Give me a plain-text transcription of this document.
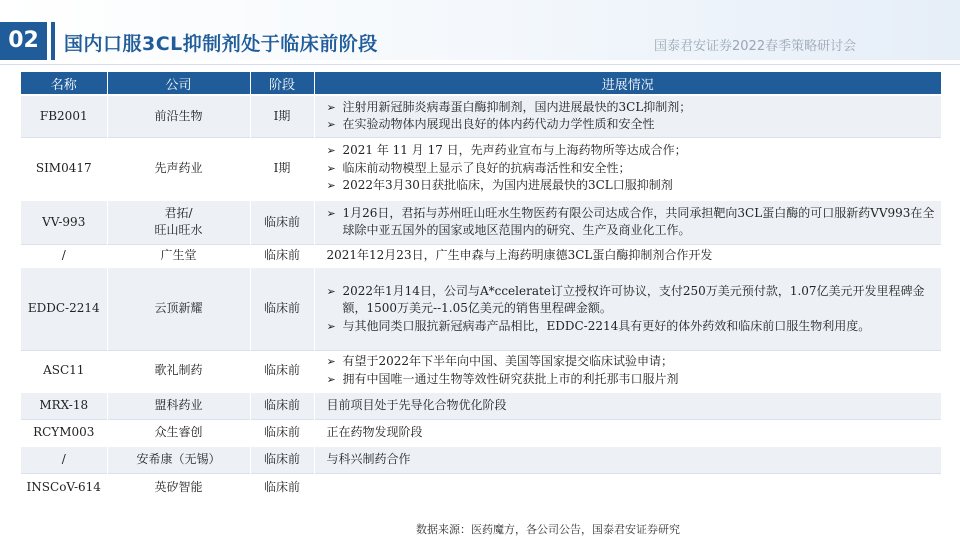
02	国内口服3CL抑制剂处于临床前阶段	国泰君安证券2022春季策略研讨会
名称	公司	阶段	进展情况
FB2001	前沿生物	I期	➢ 注射用新冠肺炎病毒蛋白酶抑制剂，国内进展最快的3CL抑制剂；
➢ 在实验动物体内展现出良好的体内药代动力学性质和安全性

SIM0417	先声药业	I期	➢ 2021 年 11 月 17 日，先声药业宣布与上海药物所等达成合作；
➢ 临床前动物模型上显示了良好的抗病毒活性和安全性；
➢ 2022年3月30日获批临床，为国内进展最快的3CL口服抑制剂

VV-993	君拓/
旺山旺水	临床前	➢ 1月26日，君拓与苏州旺山旺水生物医药有限公司达成合作，共同承担靶向3CL蛋白酶的可口服新药VV993在全球除中亚五国外的国家或地区范围内的研究、生产及商业化工作。

/	广生堂	临床前	2021年12月23日，广生申森与上海药明康德3CL蛋白酶抑制剂合作开发

EDDC-2214	云顶新耀	临床前	➢ 2022年1月14日，公司与A*ccelerate订立授权许可协议，支付250万美元预付款，1.07亿美元开发里程碑金额，1500万美元--1.05亿美元的销售里程碑金额。
➢ 与其他同类口服抗新冠病毒产品相比，EDDC-2214具有更好的体外药效和临床前口服生物利用度。

ASC11	歌礼制药	临床前	➢ 有望于2022年下半年向中国、美国等国家提交临床试验申请；
➢ 拥有中国唯一通过生物等效性研究获批上市的利托那韦口服片剂

MRX-18	盟科药业	临床前	目前项目处于先导化合物优化阶段

RCYM003	众生睿创	临床前	正在药物发现阶段

/	安希康（无锡）	临床前	与科兴制药合作

INSCoV-614	英矽智能	临床前	
数据来源：医药魔方，各公司公告，国泰君安证券研究
